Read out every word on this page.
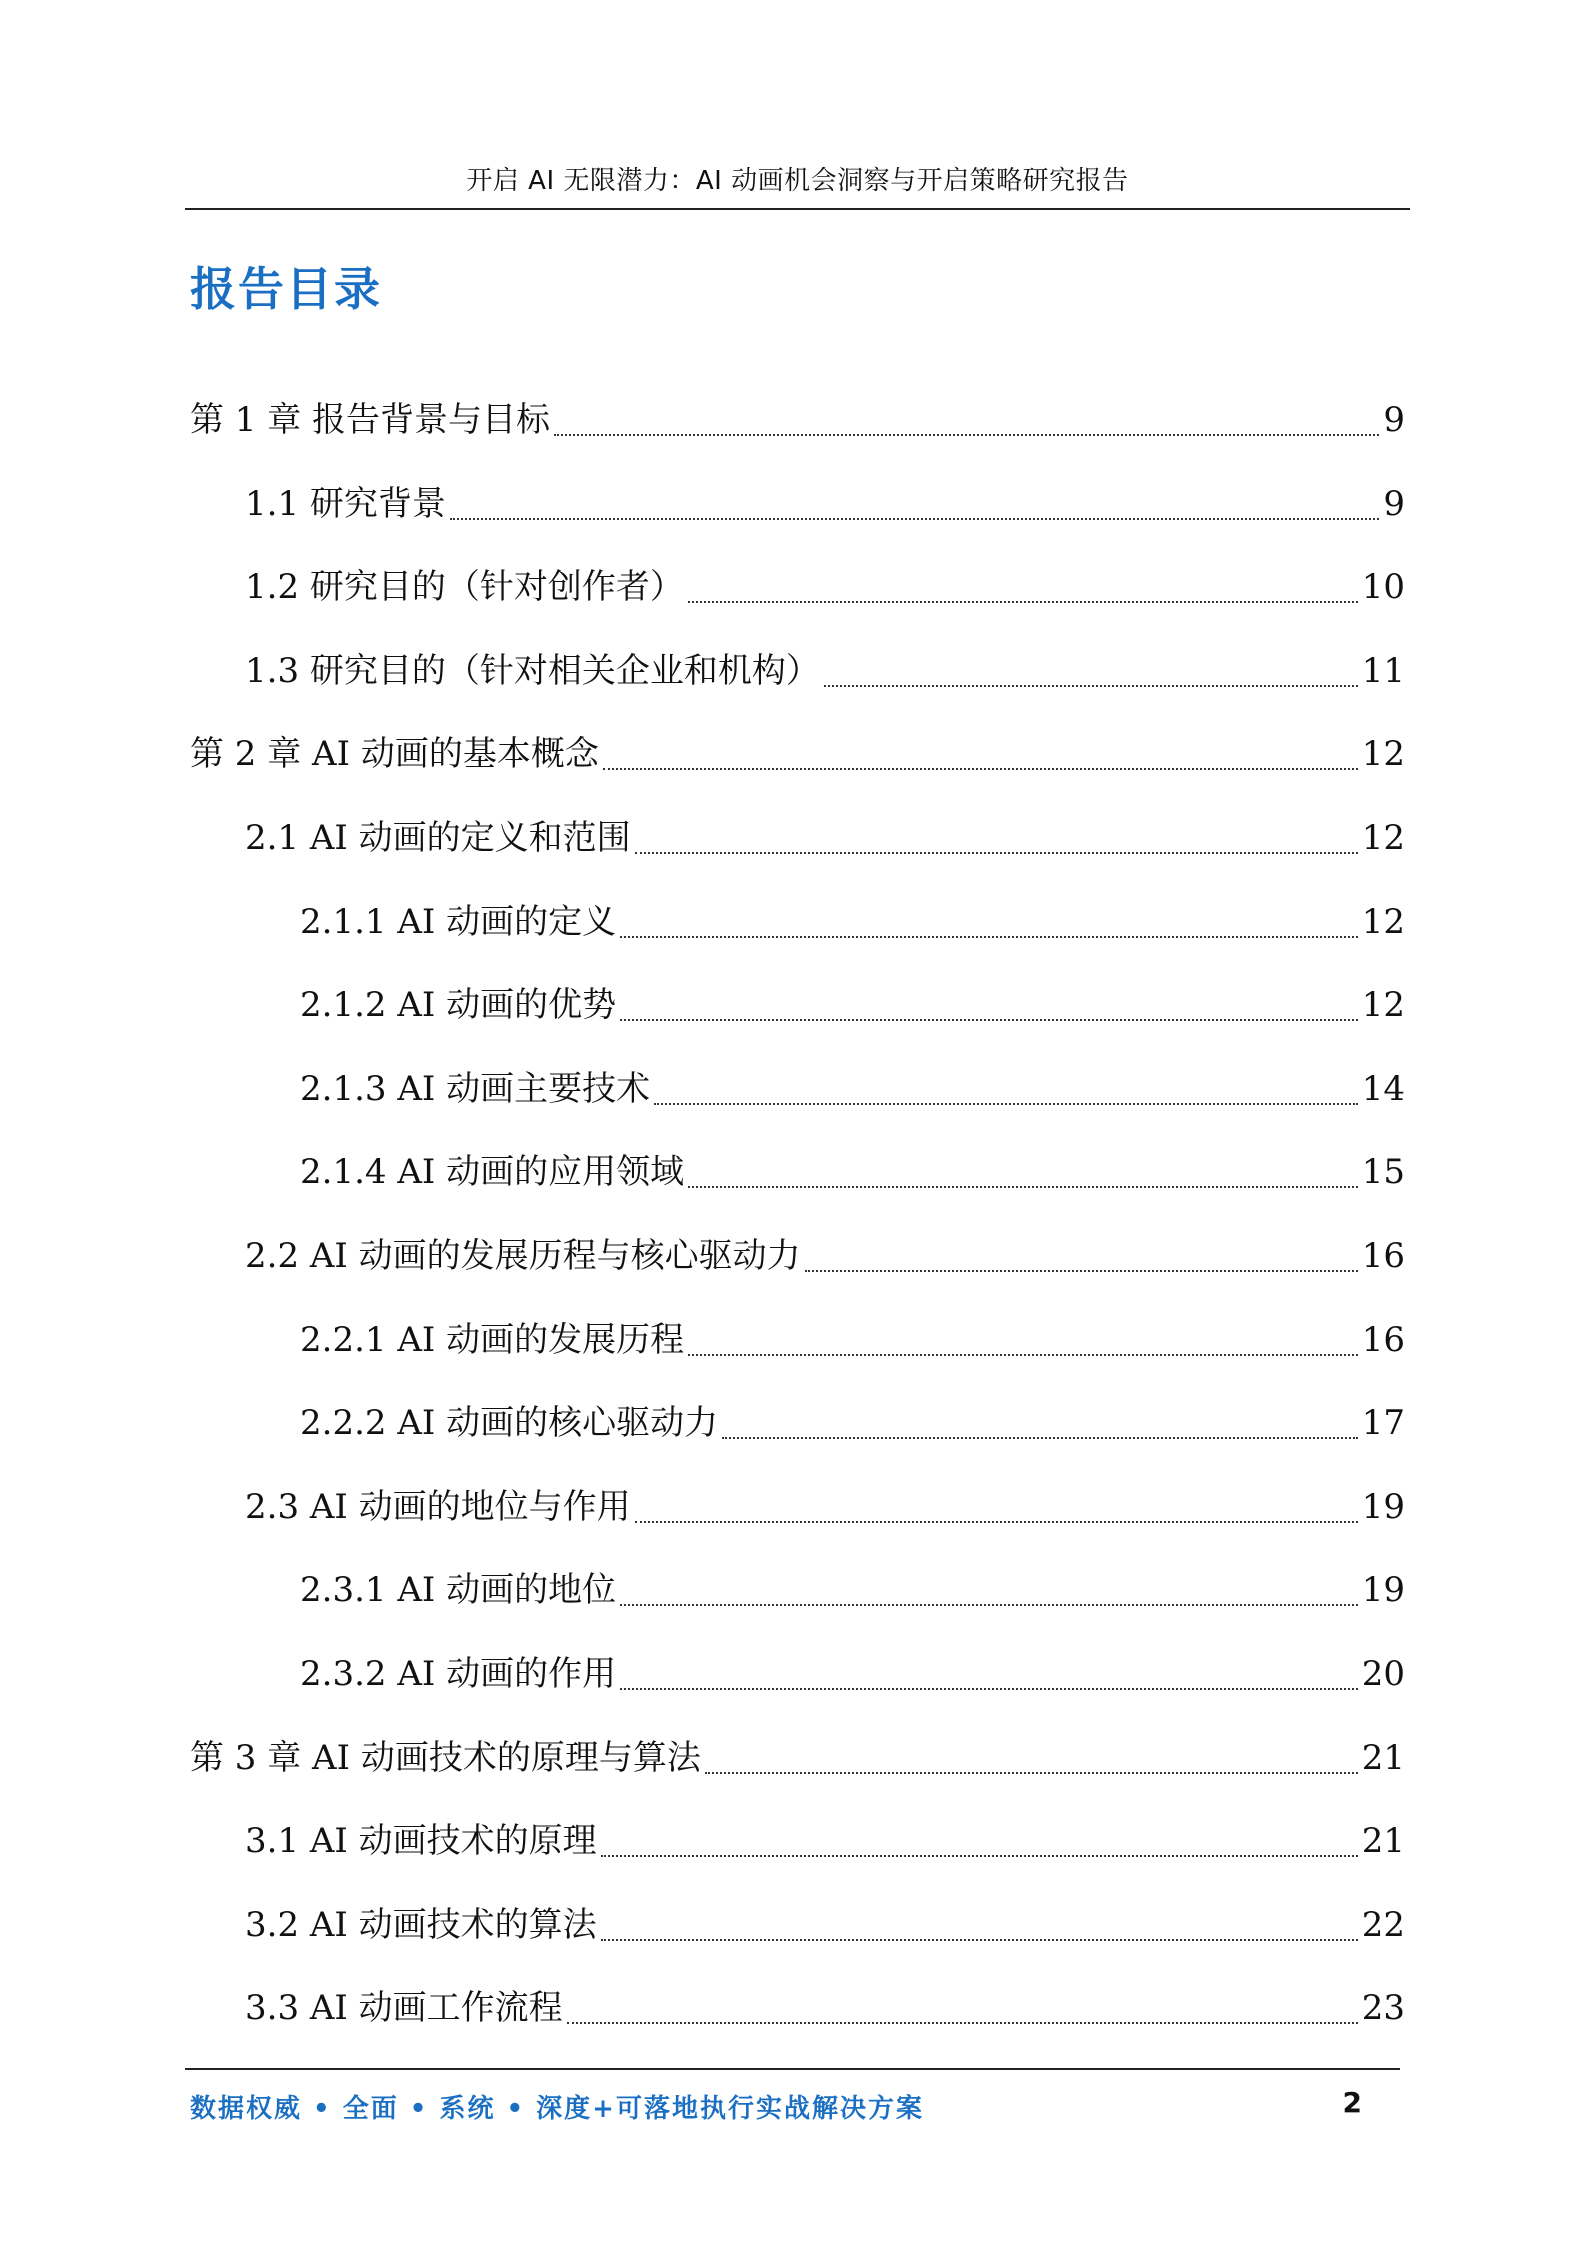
开启 AI 无限潜力：AI 动画机会洞察与开启策略研究报告
报告目录
第 1 章 报告背景与目标	9
1.1 研究背景	9
1.2 研究目的（针对创作者）	10
1.3 研究目的（针对相关企业和机构）	11
第 2 章 AI 动画的基本概念	12
2.1 AI 动画的定义和范围	12
2.1.1 AI 动画的定义	12
2.1.2 AI 动画的优势	12
2.1.3 AI 动画主要技术	14
2.1.4 AI 动画的应用领域	15
2.2 AI 动画的发展历程与核心驱动力	16
2.2.1 AI 动画的发展历程	16
2.2.2 AI 动画的核心驱动力	17
2.3 AI 动画的地位与作用	19
2.3.1 AI 动画的地位	19
2.3.2 AI 动画的作用	20
第 3 章 AI 动画技术的原理与算法	21
3.1 AI 动画技术的原理	21
3.2 AI 动画技术的算法	22
3.3 AI 动画工作流程	23
数据权威 • 全面 • 系统 • 深度+可落地执行实战解决方案	2
